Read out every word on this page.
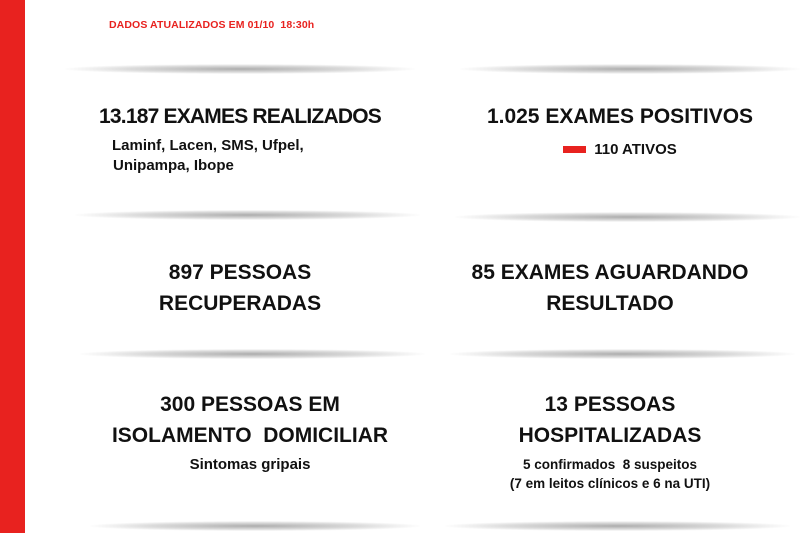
DADOS ATUALIZADOS EM 01/10  18:30h
13.187 EXAMES REALIZADOS
Laminf, Lacen, SMS, Ufpel,
Unipampa, Ibope
1.025 EXAMES POSITIVOS
110 ATIVOS
897 PESSOAS
RECUPERADAS
85 EXAMES AGUARDANDO
RESULTADO
300 PESSOAS EM
ISOLAMENTO  DOMICILIAR
Sintomas gripais
13 PESSOAS
HOSPITALIZADAS
5 confirmados  8 suspeitos
(7 em leitos clínicos e 6 na UTI)
